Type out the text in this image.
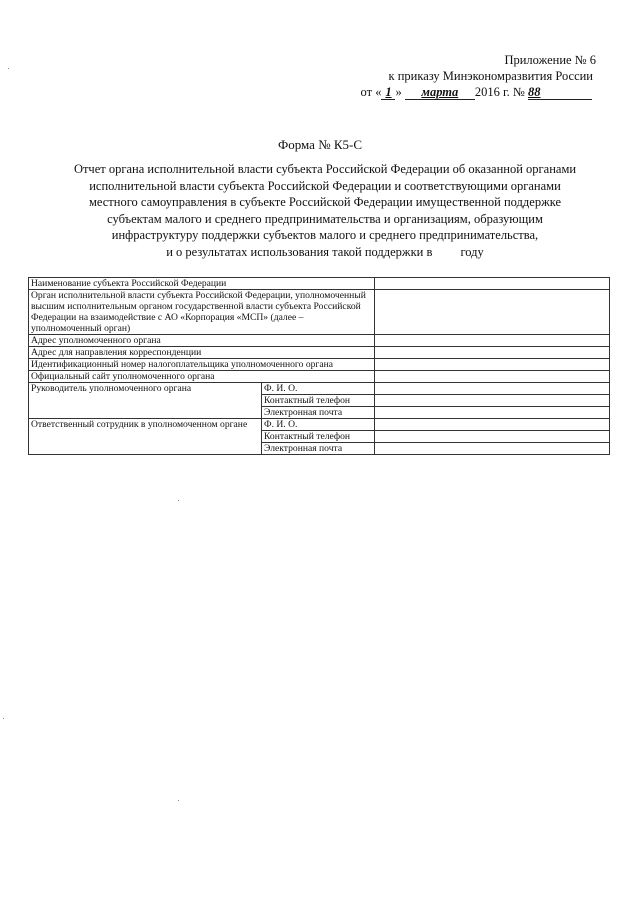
Приложение № 6
к приказу Минэкономразвития России
от « 1 » марта 2016 г. № 88
Форма № К5-С
Отчет органа исполнительной власти субъекта Российской Федерации об оказанной органами
исполнительной власти субъекта Российской Федерации и соответствующими органами
местного самоуправления в субъекте Российской Федерации имущественной поддержке
субъектам малого и среднего предпринимательства и организациям, образующим
инфраструктуру поддержки субъектов малого и среднего предпринимательства,
и о результатах использования такой поддержки в         году
Наименование субъекта Российской Федерации		
Орган исполнительной власти субъекта Российской Федерации, уполномоченный высшим исполнительным органом государственной власти субъекта Российской Федерации на взаимодействие с АО «Корпорация «МСП» (далее – уполномоченный орган)		
Адрес уполномоченного органа		
Адрес для направления корреспонденции		
Идентификационный номер налогоплательщика уполномоченного органа		
Официальный сайт уполномоченного органа		
Руководитель уполномоченного органа	Ф. И. О.	
	Контактный телефон	
	Электронная почта	
Ответственный сотрудник в уполномоченном органе	Ф. И. О.	
	Контактный телефон	
	Электронная почта	
